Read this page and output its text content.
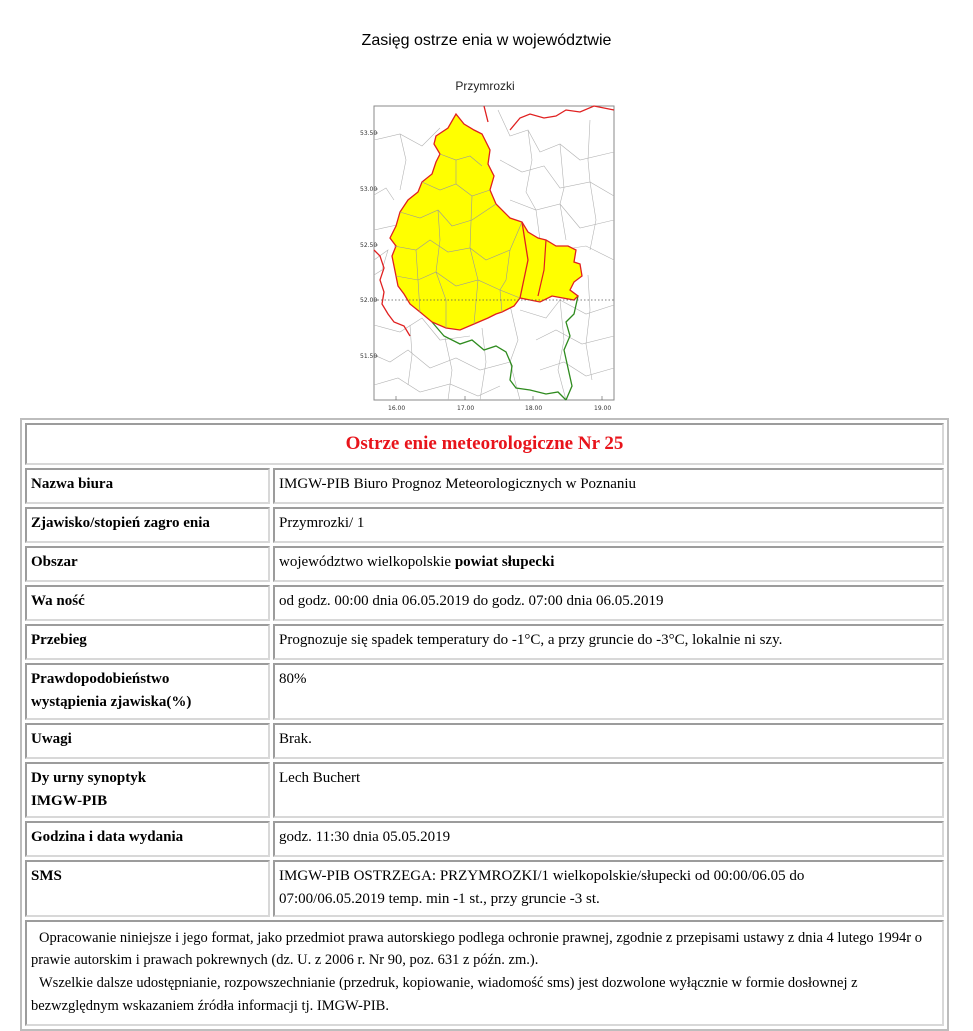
Zasięg ostrze enia w województwie
Przymrozki
53.50
53.00
52.50
52.00
51.50
16.00	17.00	18.00	19.00
Ostrze enie meteorologiczne Nr 25	
Nazwa biura	IMGW-PIB Biuro Prognoz Meteorologicznych w Poznaniu
Zjawisko/stopień zagro enia	Przymrozki/ 1
Obszar	województwo wielkopolskie powiat słupecki
Wa ność	od godz. 00:00 dnia 06.05.2019 do godz. 07:00 dnia 06.05.2019
Przebieg	Prognozuje się spadek temperatury do -1°C, a przy gruncie do -3°C, lokalnie ni szy.
Prawdopodobieństwo
wystąpienia zjawiska(%)	80%
Uwagi	Brak.
Dy urny synoptyk
IMGW-PIB	Lech Buchert
Godzina i data wydania	godz. 11:30 dnia 05.05.2019
SMS	IMGW-PIB OSTRZEGA: PRZYMROZKI/1 wielkopolskie/słupecki od 00:00/06.05 do
07:00/06.05.2019 temp. min -1 st., przy gruncie -3 st.

Opracowanie niniejsze i jego format, jako przedmiot prawa autorskiego podlega ochronie prawnej, zgodnie z przepisami ustawy z dnia 4 lutego 1994r o prawie autorskim i prawach pokrewnych (dz. U. z 2006 r. Nr 90, poz. 631 z późn. zm.).

Wszelkie dalsze udostępnianie, rozpowszechnianie (przedruk, kopiowanie, wiadomość sms) jest dozwolone wyłącznie w formie dosłownej z bezwzględnym wskazaniem źródła informacji tj. IMGW-PIB.	
